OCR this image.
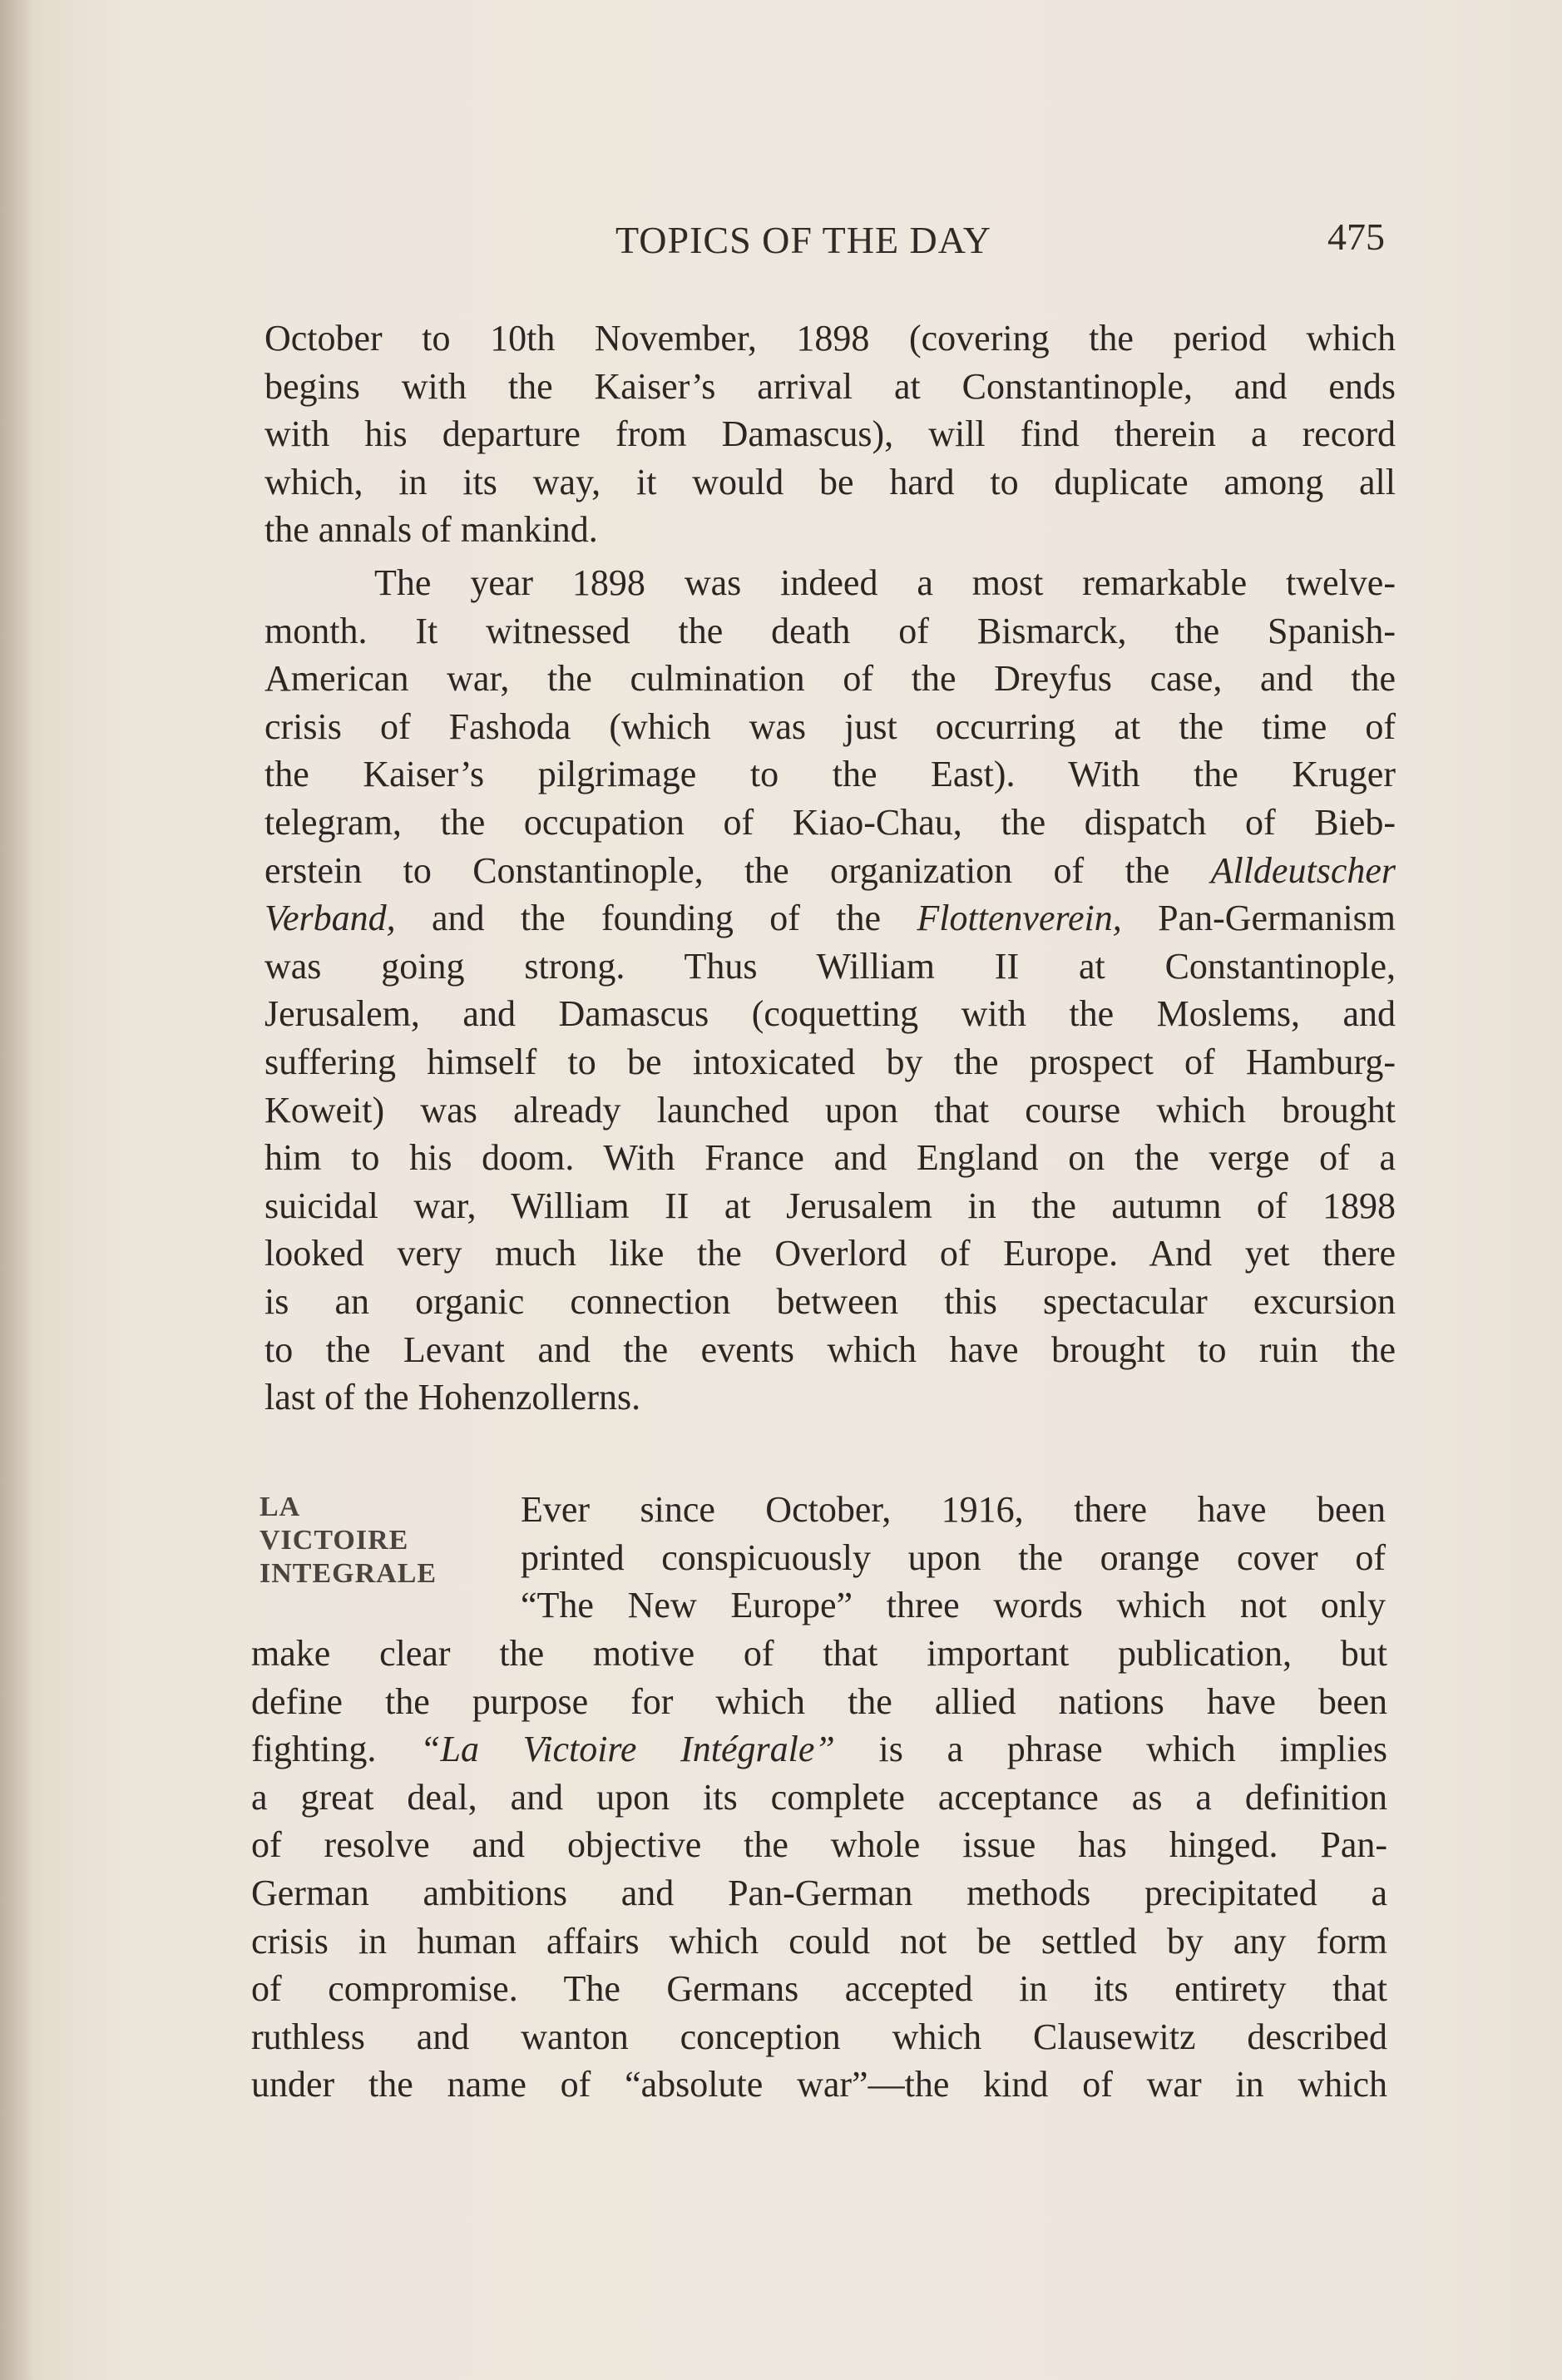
TOPICS OF THE DAY	475
October to 10th November, 1898 (covering the period which
begins with the Kaiser’s arrival at Constantinople, and ends
with his departure from Damascus), will find therein a record
which, in its way, it would be hard to duplicate among all
the annals of mankind.
The year 1898 was indeed a most remarkable twelve-
month. It witnessed the death of Bismarck, the Spanish-
American war, the culmination of the Dreyfus case, and the
crisis of Fashoda (which was just occurring at the time of
the Kaiser’s pilgrimage to the East). With the Kruger
telegram, the occupation of Kiao-Chau, the dispatch of Bieb-
erstein to Constantinople, the organization of the Alldeutscher
Verband, and the founding of the Flottenverein, Pan-Germanism
was going strong. Thus William II at Constantinople,
Jerusalem, and Damascus (coquetting with the Moslems, and
suffering himself to be intoxicated by the prospect of Hamburg-
Koweit) was already launched upon that course which brought
him to his doom. With France and England on the verge of a
suicidal war, William II at Jerusalem in the autumn of 1898
looked very much like the Overlord of Europe. And yet there
is an organic connection between this spectacular excursion
to the Levant and the events which have brought to ruin the
last of the Hohenzollerns.
LA
VICTOIRE
INTEGRALE
Ever since October, 1916, there have been
printed conspicuously upon the orange cover of
“The New Europe” three words which not only
make clear the motive of that important publication, but
define the purpose for which the allied nations have been
fighting. “La Victoire Intégrale” is a phrase which implies
a great deal, and upon its complete acceptance as a definition
of resolve and objective the whole issue has hinged. Pan-
German ambitions and Pan-German methods precipitated a
crisis in human affairs which could not be settled by any form
of compromise. The Germans accepted in its entirety that
ruthless and wanton conception which Clausewitz described
under the name of “absolute war”—the kind of war in which
